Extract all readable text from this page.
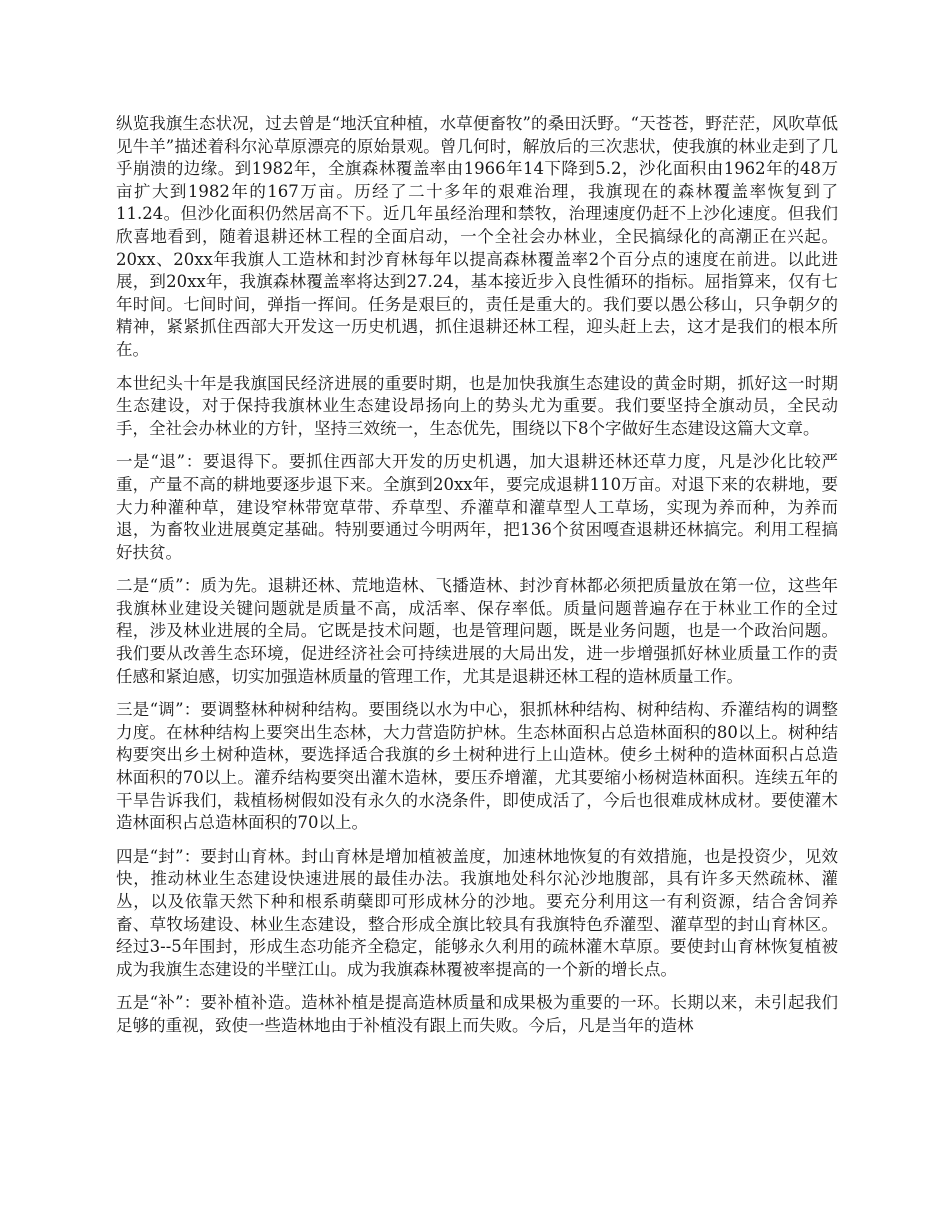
纵览我旗生态状况，过去曾是“地沃宜种植，水草便畜牧”的桑田沃野。“天苍苍，野茫茫，风吹草低见牛羊”描述着科尔沁草原漂亮的原始景观。曾几何时，解放后的三次悲状，使我旗的林业走到了几乎崩溃的边缘。到1982年，全旗森林覆盖率由1966年14下降到5.2，沙化面积由1962年的48万亩扩大到1982年的167万亩。历经了二十多年的艰难治理，我旗现在的森林覆盖率恢复到了11.24。但沙化面积仍然居高不下。近几年虽经治理和禁牧，治理速度仍赶不上沙化速度。但我们欣喜地看到，随着退耕还林工程的全面启动，一个全社会办林业，全民搞绿化的高潮正在兴起。20xx、20xx年我旗人工造林和封沙育林每年以提高森林覆盖率2个百分点的速度在前进。以此进展，到20xx年，我旗森林覆盖率将达到27.24，基本接近步入良性循环的指标。屈指算来，仅有七年时间。七间时间，弹指一挥间。任务是艰巨的，责任是重大的。我们要以愚公移山，只争朝夕的精神，紧紧抓住西部大开发这一历史机遇，抓住退耕还林工程，迎头赶上去，这才是我们的根本所在。

本世纪头十年是我旗国民经济进展的重要时期，也是加快我旗生态建设的黄金时期，抓好这一时期生态建设，对于保持我旗林业生态建设昂扬向上的势头尤为重要。我们要坚持全旗动员，全民动手，全社会办林业的方针，坚持三效统一，生态优先，围绕以下8个字做好生态建设这篇大文章。

一是“退”：要退得下。要抓住西部大开发的历史机遇，加大退耕还林还草力度，凡是沙化比较严重，产量不高的耕地要逐步退下来。全旗到20xx年，要完成退耕110万亩。对退下来的农耕地，要大力种灌种草，建设窄林带宽草带、乔草型、乔灌草和灌草型人工草场，实现为养而种，为养而退，为畜牧业进展奠定基础。特别要通过今明两年，把136个贫困嘎查退耕还林搞完。利用工程搞好扶贫。

二是“质”：质为先。退耕还林、荒地造林、飞播造林、封沙育林都必须把质量放在第一位，这些年我旗林业建设关键问题就是质量不高，成活率、保存率低。质量问题普遍存在于林业工作的全过程，涉及林业进展的全局。它既是技术问题，也是管理问题，既是业务问题，也是一个政治问题。我们要从改善生态环境，促进经济社会可持续进展的大局出发，进一步增强抓好林业质量工作的责任感和紧迫感，切实加强造林质量的管理工作，尤其是退耕还林工程的造林质量工作。

三是“调”：要调整林种树种结构。要围绕以水为中心，狠抓林种结构、树种结构、乔灌结构的调整力度。在林种结构上要突出生态林，大力营造防护林。生态林面积占总造林面积的80以上。树种结构要突出乡土树种造林，要选择适合我旗的乡土树种进行上山造林。使乡土树种的造林面积占总造林面积的70以上。灌乔结构要突出灌木造林，要压乔增灌，尤其要缩小杨树造林面积。连续五年的干旱告诉我们，栽植杨树假如没有永久的水浇条件，即使成活了，今后也很难成林成材。要使灌木造林面积占总造林面积的70以上。

四是“封”：要封山育林。封山育林是增加植被盖度，加速林地恢复的有效措施，也是投资少，见效快，推动林业生态建设快速进展的最佳办法。我旗地处科尔沁沙地腹部，具有许多天然疏林、灌丛，以及依靠天然下种和根系萌蘖即可形成林分的沙地。要充分利用这一有利资源，结合舍饲养畜、草牧场建设、林业生态建设，整合形成全旗比较具有我旗特色乔灌型、灌草型的封山育林区。经过3--5年围封，形成生态功能齐全稳定，能够永久利用的疏林灌木草原。要使封山育林恢复植被成为我旗生态建设的半壁江山。成为我旗森林覆被率提高的一个新的增长点。

五是“补”：要补植补造。造林补植是提高造林质量和成果极为重要的一环。长期以来，未引起我们足够的重视，致使一些造林地由于补植没有跟上而失败。今后，凡是当年的造林
